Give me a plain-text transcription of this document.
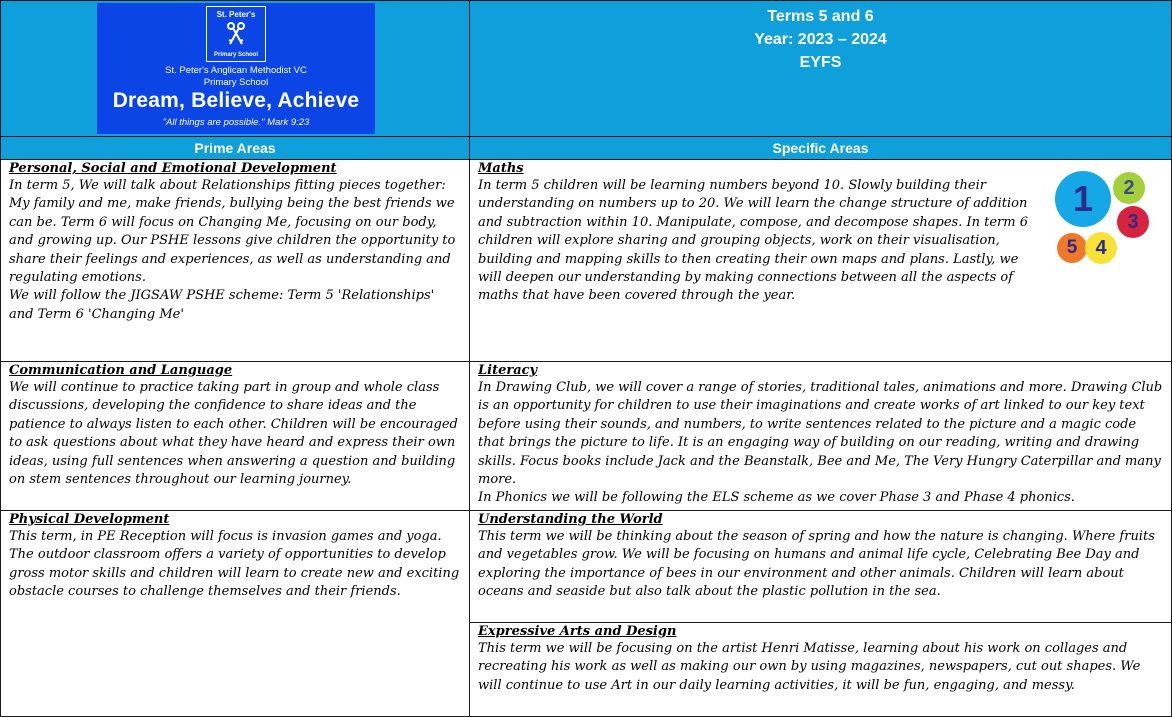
St. Peter's
Primary School
St. Peter's Anglican Methodist VC
Primary School
Dream, Believe, Achieve
"All things are possible." Mark 9:23
Terms 5 and 6
Year: 2023 – 2024
EYFS
Prime Areas	Specific Areas
Personal, Social and Emotional Development

In term 5, We will talk about Relationships fitting pieces together: My family and me, make friends, bullying being the best friends we can be. Term 6 will focus on Changing Me, focusing on our body, and growing up. Our PSHE lessons give children the opportunity to share their feelings and experiences, as well as understanding and regulating emotions.

We will follow the JIGSAW PSHE scheme: Term 5 'Relationships' and Term 6 'Changing Me'

Maths

In term 5 children will be learning numbers beyond 10. Slowly building their understanding on numbers up to 20. We will learn the change structure of addition and subtraction within 10. Manipulate, compose, and decompose shapes. In term 6 children will explore sharing and grouping objects, work on their visualisation, building and mapping skills to then creating their own maps and plans. Lastly, we will deepen our understanding by making connections between all the aspects of maths that have been covered through the year.

1	2
3
5 4
Communication and Language

We will continue to practice taking part in group and whole class discussions, developing the confidence to share ideas and the patience to always listen to each other. Children will be encouraged to ask questions about what they have heard and express their own ideas, using full sentences when answering a question and building on stem sentences throughout our learning journey.

Literacy

In Drawing Club, we will cover a range of stories, traditional tales, animations and more. Drawing Club is an opportunity for children to use their imaginations and create works of art linked to our key text before using their sounds, and numbers, to write sentences related to the picture and a magic code that brings the picture to life. It is an engaging way of building on our reading, writing and drawing skills. Focus books include Jack and the Beanstalk, Bee and Me, The Very Hungry Caterpillar and many more.

In Phonics we will be following the ELS scheme as we cover Phase 3 and Phase 4 phonics.

Physical Development

This term, in PE Reception will focus is invasion games and yoga. The outdoor classroom offers a variety of opportunities to develop gross motor skills and children will learn to create new and exciting obstacle courses to challenge themselves and their friends.

Understanding the World

This term we will be thinking about the season of spring and how the nature is changing. Where fruits and vegetables grow. We will be focusing on humans and animal life cycle, Celebrating Bee Day and exploring the importance of bees in our environment and other animals. Children will learn about oceans and seaside but also talk about the plastic pollution in the sea.

Expressive Arts and Design

This term we will be focusing on the artist Henri Matisse, learning about his work on collages and recreating his work as well as making our own by using magazines, newspapers, cut out shapes. We will continue to use Art in our daily learning activities, it will be fun, engaging, and messy.
